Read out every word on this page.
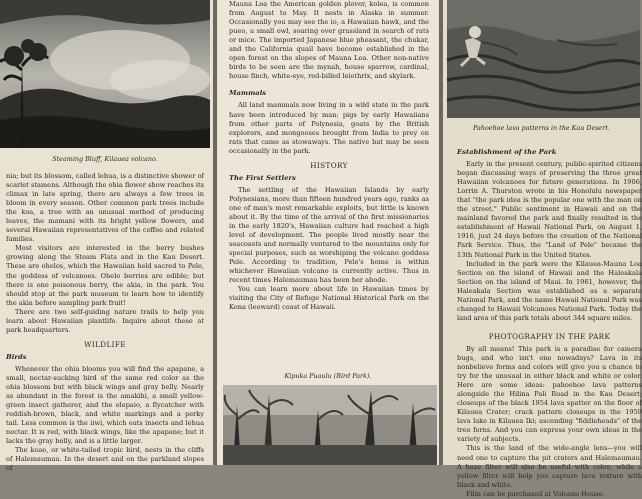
Steaming Bluff, Kilauea volcano.

nia; but its blossom, called lehua, is a distinctive shower of scarlet stamens. Although the ohia flower show reaches its climax in late spring, there are always a few trees in bloom in every season. Other common park trees include the koa, a tree with an unusual method of producing leaves, the mamani with its bright yellow flowers, and several Hawaiian representatives of the coffee and related families.

Most visitors are interested in the berry bushes growing along the Steam Flats and in the Kau Desert. These are ohelos, which the Hawaiian held sacred to Pele, the goddess of volcanoes. Ohelo berries are edible; but there is one poisonous berry, the akia, in the park. You should stop at the park museum to learn how to identify the akia before sampling park fruit!

There are two self-guiding nature trails to help you learn about Hawaiian plantlife. Inquire about these at park headquarters.

WILDLIFE
Birds

Whenever the ohia blooms you will find the apapane, a small, nectar-sucking bird of the same red color as the ohia blossom but with black wings and gray belly. Nearly as abundant in the forest is the amakihi, a small yellow-green insect gatherer, and the elepaio, a flycatcher with reddish-brown, black, and white markings and a perky tail. Less common is the iiwi, which eats insects and lehua nectar. It is red, with black wings, like the apapane; but it lacks the gray belly, and is a little larger.

The koae, or white-tailed tropic bird, nests in the cliffs of Halemaumau. In the desert and on the parkland slopes of

Mauna Loa the American golden plover, kolea, is common from August to May. It nests in Alaska in summer. Occasionally you may see the io, a Hawaiian hawk, and the pueo, a small owl, soaring over grassland in search of rats or mice. The imported Japanese blue pheasant, the chukar, and the California quail have become established in the open forest on the slopes of Mauna Loa. Other non-native birds to be seen are the mynah, house sparrow, cardinal, house finch, white-eye, red-billed leiothrix, and skylark.

Mammals

All land mammals now living in a wild state in the park have been introduced by man: pigs by early Hawaiians from other parts of Polynesia, goats by the British explorers, and mongooses brought from India to prey on rats that came as stowaways. The native bat may be seen occasionally in the park.

HISTORY
The First Settlers

The settling of the Hawaiian Islands by early Polynesians, more than fifteen hundred years ago, ranks as one of man's most remarkable exploits, but little is known about it. By the time of the arrival of the first missionaries in the early 1820's, Hawaiian culture had reached a high level of development. The people lived mostly near the seacoasts and normally ventured to the mountains only for special purposes, such as worshiping the volcano goddess Pele. According to tradition, Pele's home is within whichever Hawaiian volcano is currently active. Thus in recent times Halemaumau has been her abode.

You can learn more about life in Hawaiian times by visiting the City of Refuge National Historical Park on the Kona (leeward) coast of Hawaii.

Kipuka Puaulu (Bird Park).
Pahoehoe lava patterns in the Kau Desert.
Establishment of the Park

Early in the present century, public-spirited citizens began discussing ways of preserving the three great Hawaiian volcanoes for future generations. In 1906, Lorrin A. Thurston wrote in his Honolulu newspaper that "the park idea is the popular one with the man on the street." Public sentiment in Hawaii and on the mainland favored the park and finally resulted in the establishment of Hawaii National Park, on August 1, 1916, just 24 days before the creation of the National Park Service. Thus, the "Land of Pele" became the 13th National Park in the United States.

Included in the park were the Kilauea-Mauna Loa Section on the island of Hawaii and the Haleakala Section on the island of Maui. In 1961, however, the Haleakala Section was established as a separate National Park, and the name Hawaii National Park was changed to Hawaii Volcanoes National Park. Today the land area of this park totals about 344 square miles.

PHOTOGRAPHY IN THE PARK

By all means! This park is a paradise for camera bugs, and who isn't one nowadays? Lava in its nonbelieve forms and colors will give you a chance to try for the unusual in either black and white or color. Here are some ideas: pahoehoe lava patterns alongside the Hilina Pali Road in the Kau Desert; closeups of the black 1954 lava spatter on the floor of Kilauea Crater; crack pattern closeups in the 1959 lava lake in Kilauea Iki; ascending "fiddleheads" of the tree ferns. And you can express your own ideas in the variety of subjects.

This is the land of the wide-angle lens—you will need one to capture the pit craters and Halemaumau. A haze filter will also be useful with color; while a yellow filter will help you capture lava texture with black and white.

Film can be purchased at Volcano House.
